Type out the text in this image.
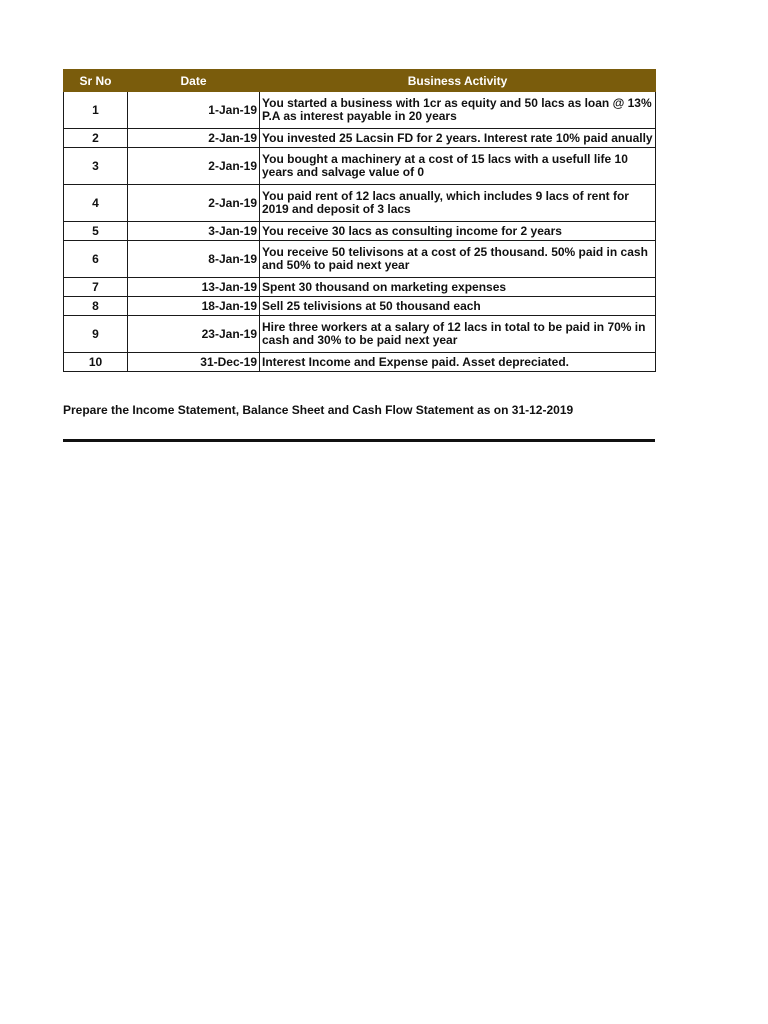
Sr No	Date	Business Activity
1	1-Jan-19	You started a business with 1cr as equity and 50 lacs as loan @ 13% P.A as interest payable in 20 years
2	2-Jan-19	You invested 25 Lacsin FD for 2 years. Interest rate 10% paid anually
3	2-Jan-19	You bought a machinery at a cost of 15 lacs with a usefull life 10 years and salvage value of 0
4	2-Jan-19	You paid rent of 12 lacs anually, which includes 9 lacs of rent for 2019 and deposit of 3 lacs
5	3-Jan-19	You receive 30 lacs as consulting income for 2 years
6	8-Jan-19	You receive 50 telivisons at a cost of 25 thousand. 50% paid in cash and 50% to paid next year
7	13-Jan-19	Spent 30 thousand on marketing expenses
8	18-Jan-19	Sell 25 telivisions at 50 thousand each
9	23-Jan-19	Hire three workers at a salary of 12 lacs in total to be paid in 70% in cash and 30% to be paid next year
10	31-Dec-19	Interest Income and Expense paid. Asset depreciated.
Prepare the Income Statement, Balance Sheet and Cash Flow Statement as on 31-12-2019
